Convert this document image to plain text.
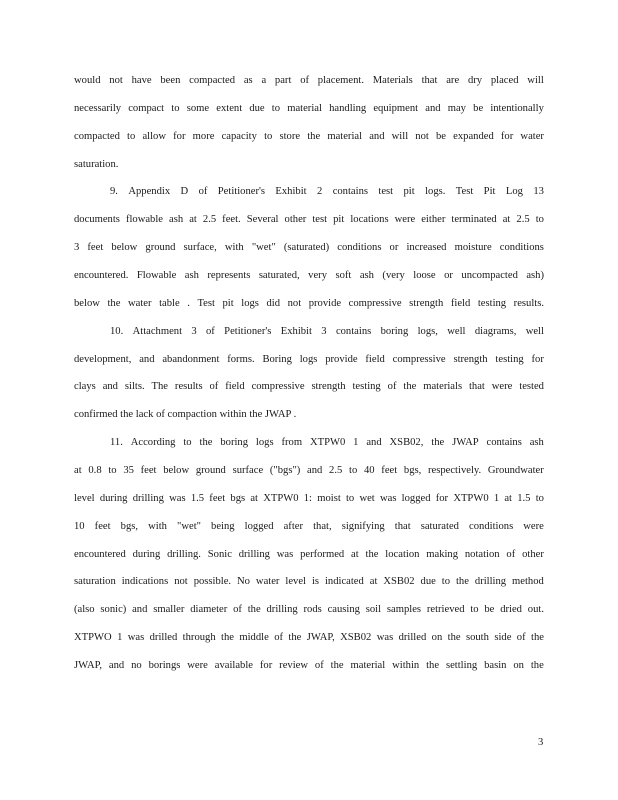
would not have been compacted as a part of placement. Materials that are dry placed will
necessarily compact to some extent due to material handling equipment and may be intentionally
compacted to allow for more capacity to store the material and will not be expanded for water
saturation.
9. Appendix D of Petitioner's Exhibit 2 contains test pit logs. Test Pit Log 13
documents flowable ash at 2.5 feet. Several other test pit locations were either terminated at 2.5 to
3 feet below ground surface, with "wet" (saturated) conditions or increased moisture conditions
encountered. Flowable ash represents saturated, very soft ash (very loose or uncompacted ash)
below the water table . Test pit logs did not provide compressive strength field testing results.
10. Attachment 3 of Petitioner's Exhibit 3 contains boring logs, well diagrams, well
development, and abandonment forms. Boring logs provide field compressive strength testing for
clays and silts. The results of field compressive strength testing of the materials that were tested
confirmed the lack of compaction within the JWAP .
11. According to the boring logs from XTPW0 1 and XSB02, the JWAP contains ash
at 0.8 to 35 feet below ground surface ("bgs") and 2.5 to 40 feet bgs, respectively. Groundwater
level during drilling was 1.5 feet bgs at XTPW0 1: moist to wet was logged for XTPW0 1 at 1.5 to
10 feet bgs, with "wet" being logged after that, signifying that saturated conditions were
encountered during drilling. Sonic drilling was performed at the location making notation of other
saturation indications not possible. No water level is indicated at XSB02 due to the drilling method
(also sonic) and smaller diameter of the drilling rods causing soil samples retrieved to be dried out.
XTPWO 1 was drilled through the middle of the JWAP, XSB02 was drilled on the south side of the
JWAP, and no borings were available for review of the material within the settling basin on the
3
